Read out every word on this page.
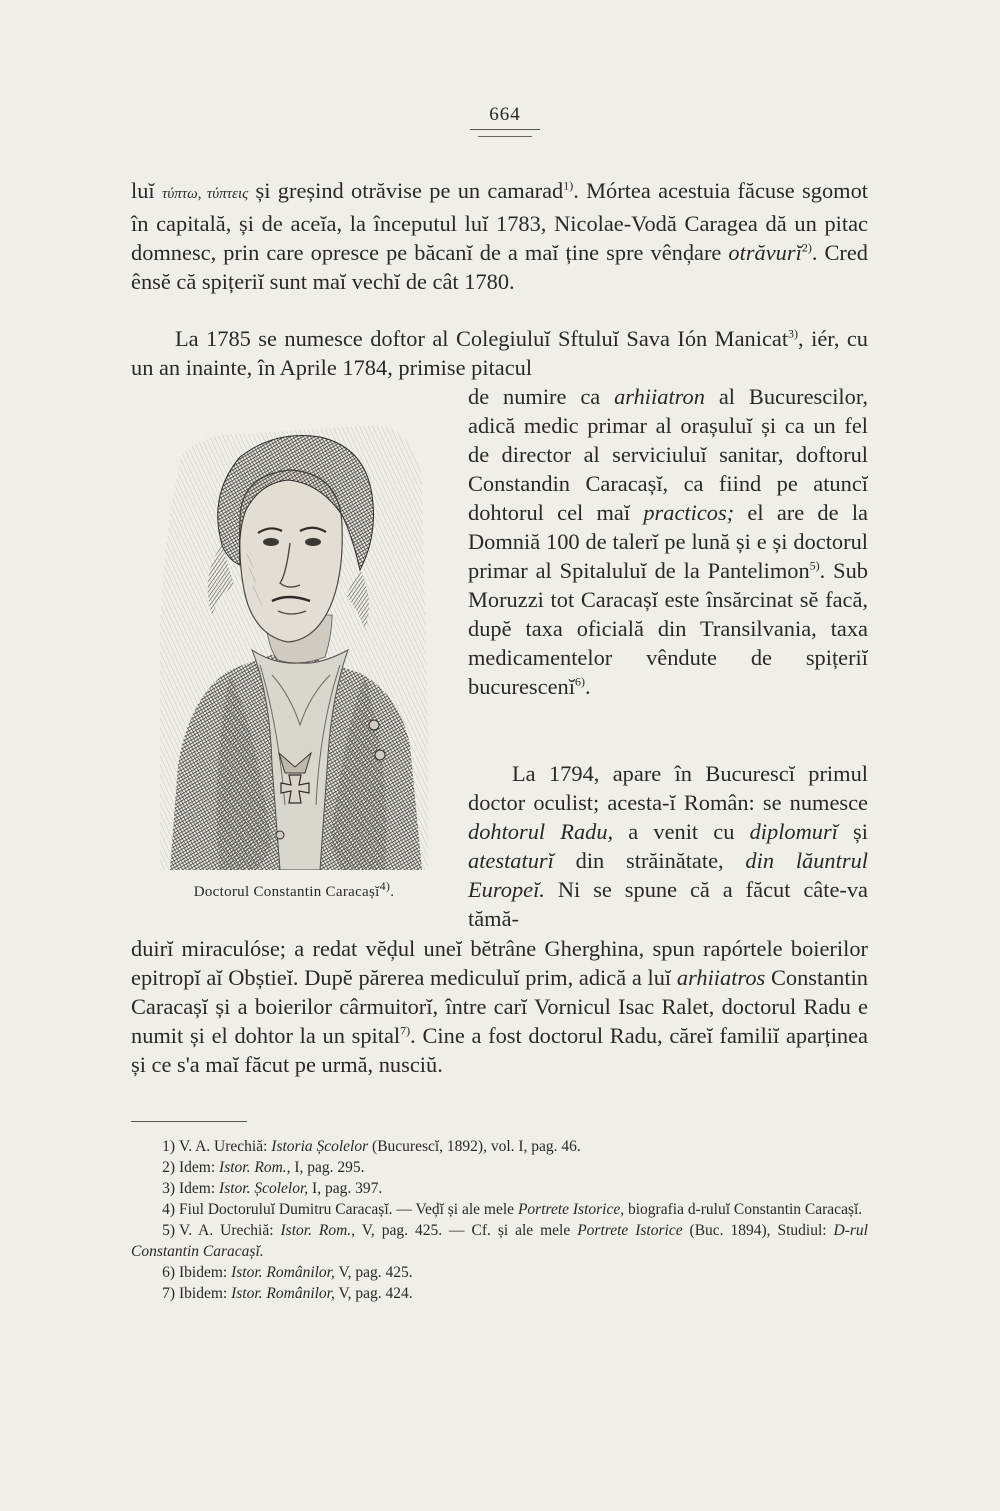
664
luĭ τύπτω, τύπτεις și greșind otrăvise pe un camarad$^{1)}$. Mórtea acestuia făcuse sgomot în capitală, și de aceĭa, la începutul luĭ 1783, Nicolae-Vodă Caragea dă un pitac domnesc, prin care opresce pe băcanĭ de a maĭ ține spre vênḑare otrăvurĭ$^{2)}$. Cred ênsĕ că spițeriĭ sunt maĭ vechĭ de cât 1780.
La 1785 se numesce doftor al Colegiuluĭ Sftuluĭ Sava Ión Manicat$^{3)}$, iér, cu un an inainte, în Aprile 1784, primise pitacul
de numire ca arhiiatron al Bucurescilor, adică medic primar al orașuluĭ și ca un fel de director al serviciuluĭ sanitar, doftorul Constandin Caracașĭ, ca fiind pe atuncĭ dohtorul cel maĭ practicos; el are de la Domniă 100 de talerĭ pe lună și e și doctorul primar al Spitaluluĭ de la Pantelimon$^{5)}$. Sub Moruzzi tot Caracașĭ este însărcinat sĕ facă, dupĕ taxa oficială din Transilvania, taxa medicamentelor vêndute de spițeriĭ bucurescenĭ$^{6)}$.
La 1794, apare în Bucurescĭ primul doctor oculist; acesta-ĭ Român: se numesce dohtorul Radu, a venit cu diplomurĭ și atestaturĭ din străinătate, din lăuntrul Europeĭ. Ni se spune că a făcut câte-va tămă-
Doctorul Constantin Caracașĭ$^{4)}$.
duirĭ miraculóse; a redat vĕḑul uneĭ bĕtrâne Gherghina, spun rapórtele boierilor epitropĭ aĭ Obștieĭ. Dupĕ părerea mediculuĭ prim, adică a luĭ arhiiatros Constantin Caracașĭ și a boierilor cârmuitorĭ, între carĭ Vornicul Isac Ralet, doctorul Radu e numit și el dohtor la un spital$^{7)}$. Cine a fost doctorul Radu, căreĭ familiĭ aparținea și ce s'a maĭ făcut pe urmă, nusciŭ.
1) V. A. Urechiă: Istoria Școlelor (Bucurescĭ, 1892), vol. I, pag. 46.
2) Idem: Istor. Rom., I, pag. 295.
3) Idem: Istor. Școlelor, I, pag. 397.
4) Fiul Doctoruluĭ Dumitru Caracașĭ. — Veḑĭ și ale mele Portrete Istorice, biografia d-ruluĭ Constantin Caracașĭ.
5) V. A. Urechiă: Istor. Rom., V, pag. 425. — Cf. și ale mele Portrete Istorice (Buc. 1894), Studiul: D-rul Constantin Caracașĭ.
6) Ibidem: Istor. Românilor, V, pag. 425.
7) Ibidem: Istor. Românilor, V, pag. 424.
